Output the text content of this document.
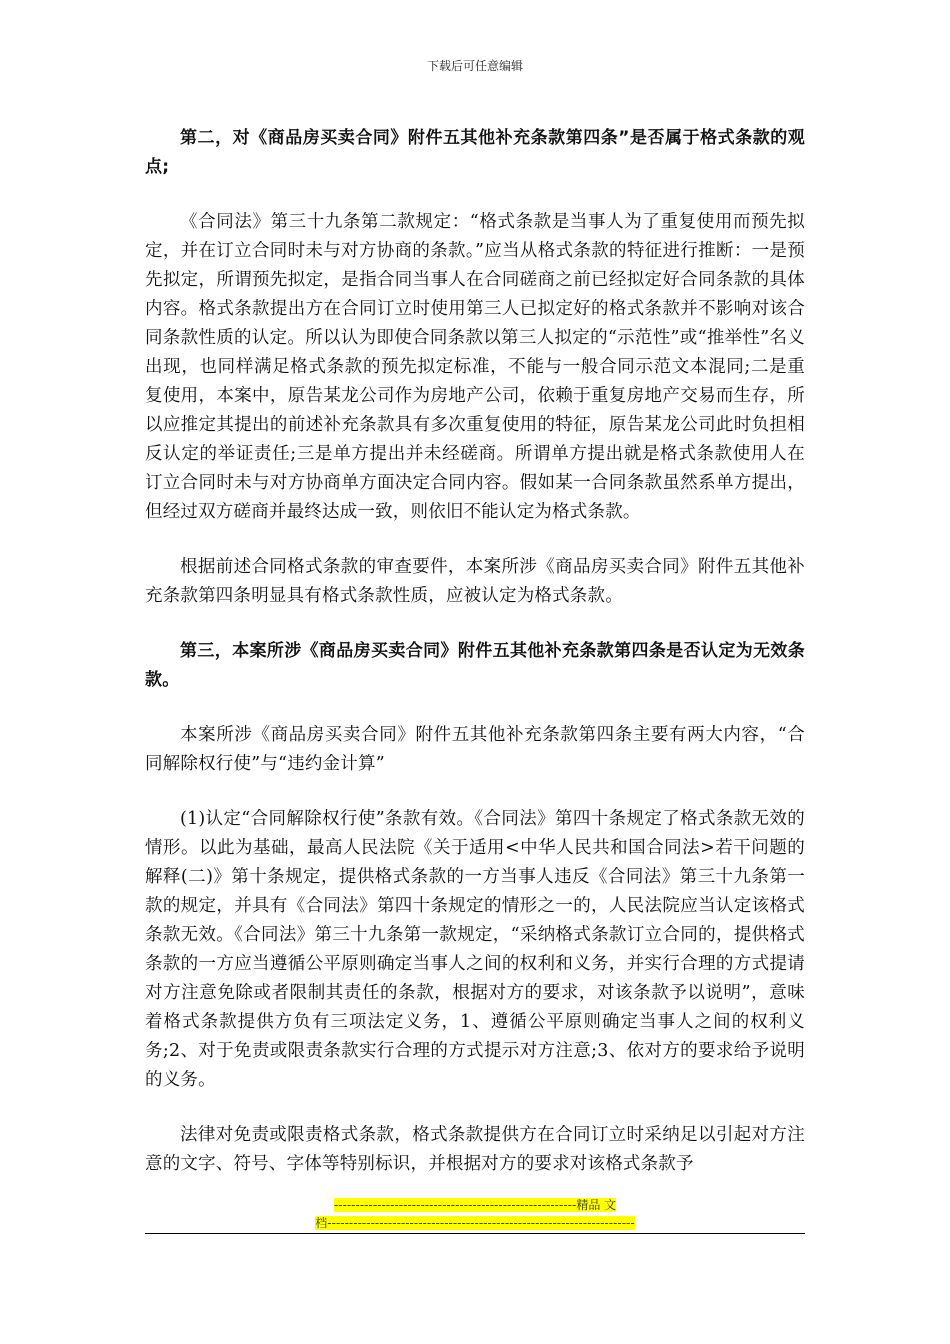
下载后可任意编辑

第二，对《商品房买卖合同》附件五其他补充条款第四条”是否属于格式条款的观点;

《合同法》第三十九条第二款规定：“格式条款是当事人为了重复使用而预先拟定，并在订立合同时未与对方协商的条款。”应当从格式条款的特征进行推断：一是预先拟定，所谓预先拟定，是指合同当事人在合同磋商之前已经拟定好合同条款的具体内容。格式条款提出方在合同订立时使用第三人已拟定好的格式条款并不影响对该合同条款性质的认定。所以认为即使合同条款以第三人拟定的“示范性”或“推举性”名义出现，也同样满足格式条款的预先拟定标准，不能与一般合同示范文本混同;二是重复使用，本案中，原告某龙公司作为房地产公司，依赖于重复房地产交易而生存，所以应推定其提出的前述补充条款具有多次重复使用的特征，原告某龙公司此时负担相反认定的举证责任;三是单方提出并未经磋商。所谓单方提出就是格式条款使用人在订立合同时未与对方协商单方面决定合同内容。假如某一合同条款虽然系单方提出，但经过双方磋商并最终达成一致，则依旧不能认定为格式条款。

根据前述合同格式条款的审查要件，本案所涉《商品房买卖合同》附件五其他补充条款第四条明显具有格式条款性质，应被认定为格式条款。

第三，本案所涉《商品房买卖合同》附件五其他补充条款第四条是否认定为无效条款。

本案所涉《商品房买卖合同》附件五其他补充条款第四条主要有两大内容，“合同解除权行使”与“违约金计算”

(1)认定“合同解除权行使”条款有效。《合同法》第四十条规定了格式条款无效的情形。以此为基础，最高人民法院《关于适用<中华人民共和国合同法>若干问题的解释(二)》第十条规定，提供格式条款的一方当事人违反《合同法》第三十九条第一款的规定，并具有《合同法》第四十条规定的情形之一的，人民法院应当认定该格式条款无效。《合同法》第三十九条第一款规定，“采纳格式条款订立合同的，提供格式条款的一方应当遵循公平原则确定当事人之间的权利和义务，并实行合理的方式提请对方注意免除或者限制其责任的条款，根据对方的要求，对该条款予以说明”，意味着格式条款提供方负有三项法定义务，1、遵循公平原则确定当事人之间的权利义务;2、对于免责或限责条款实行合理的方式提示对方注意;3、依对方的要求给予说明的义务。

法律对免责或限责格式条款，格式条款提供方在合同订立时采纳足以引起对方注意的文字、符号、字体等特别标识，并根据对方的要求对该格式条款予

--------------------------------------------------------精品 文
档-----------------------------------------------------------------------
